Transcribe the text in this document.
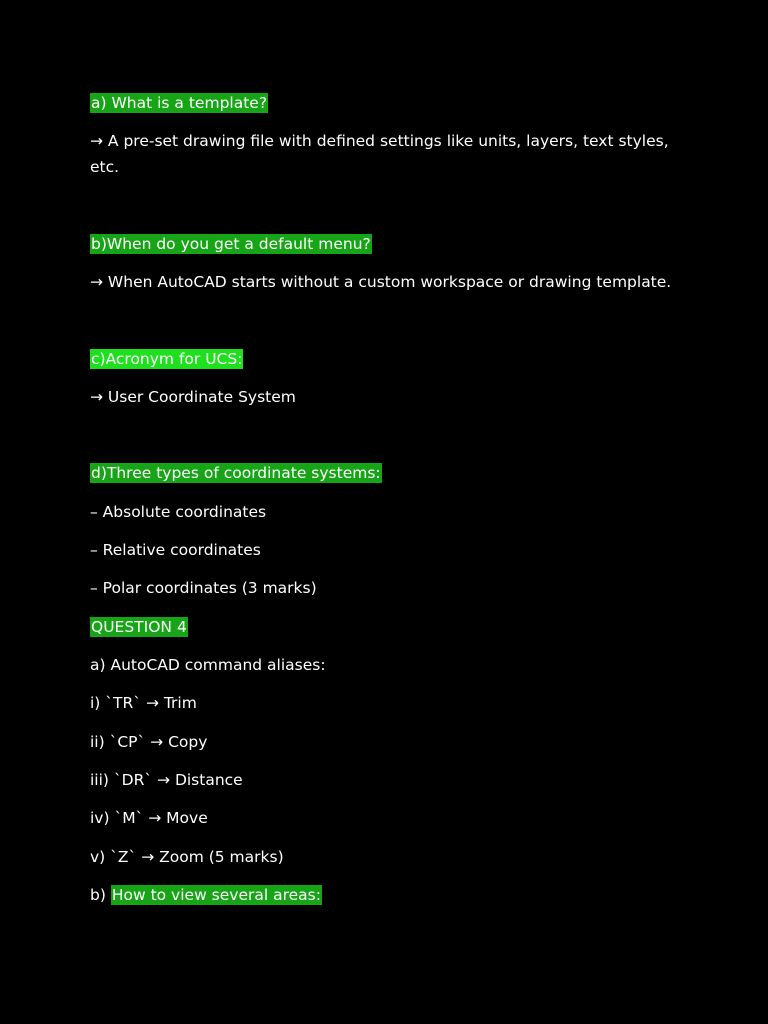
a) What is a template?
→ A pre-set drawing file with defined settings like units, layers, text styles, etc.
b)When do you get a default menu?
→ When AutoCAD starts without a custom workspace or drawing template.
c)Acronym for UCS:
→ User Coordinate System
d)Three types of coordinate systems:
– Absolute coordinates
– Relative coordinates
– Polar coordinates (3 marks)
QUESTION 4
a) AutoCAD command aliases:
i) `TR` → Trim
ii) `CP` → Copy
iii) `DR` → Distance
iv) `M` → Move
v) `Z` → Zoom (5 marks)
b) How to view several areas:
